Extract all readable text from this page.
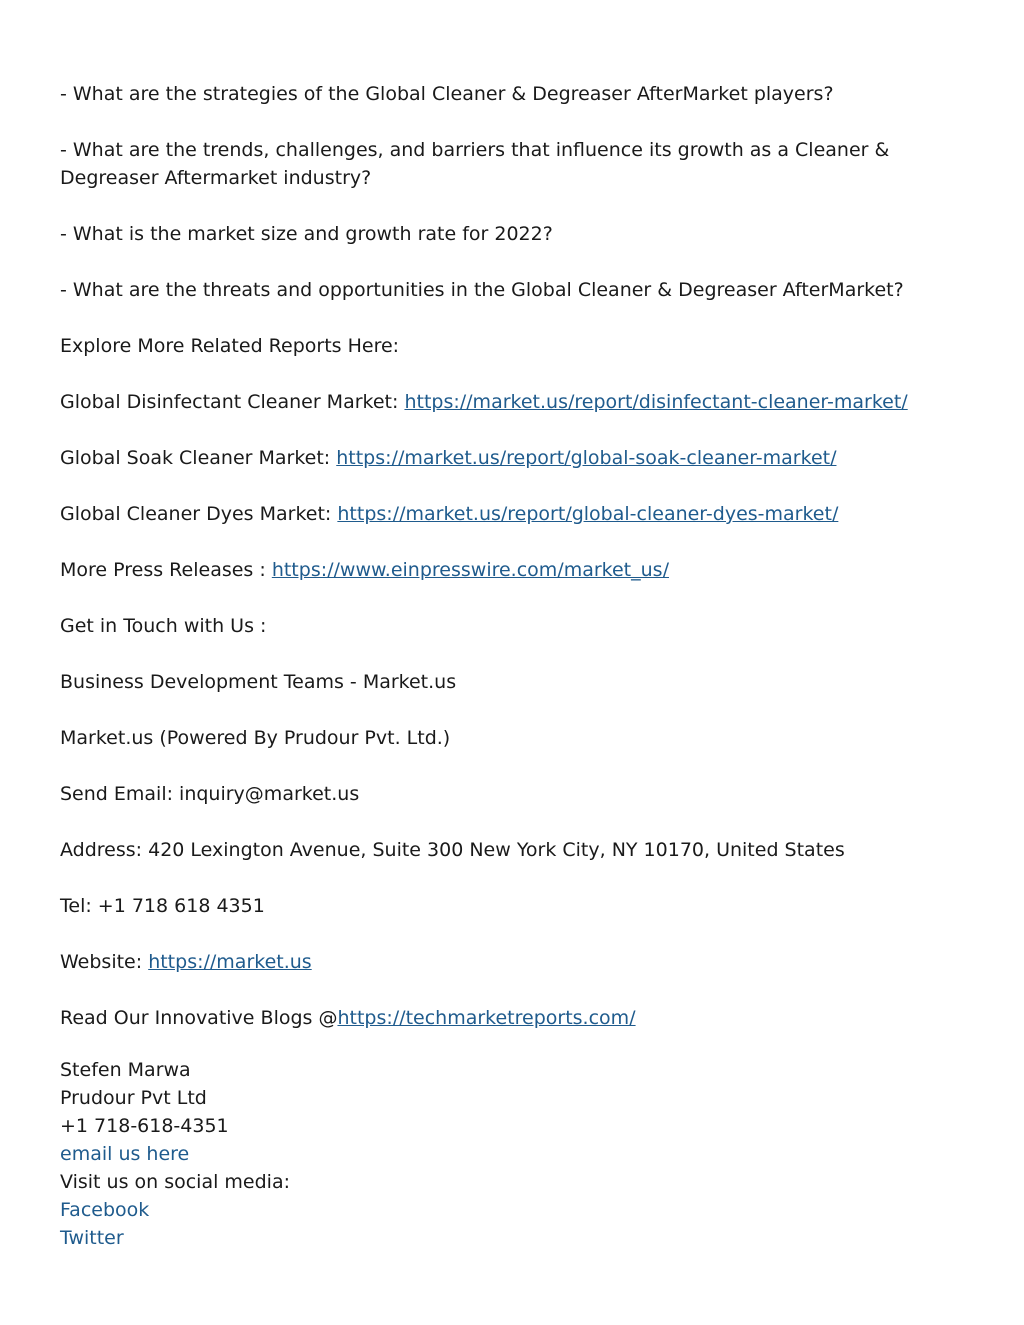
- What are the strategies of the Global Cleaner & Degreaser AfterMarket players?

- What are the trends, challenges, and barriers that influence its growth as a Cleaner & Degreaser Aftermarket industry?

- What is the market size and growth rate for 2022?

- What are the threats and opportunities in the Global Cleaner & Degreaser AfterMarket?

Explore More Related Reports Here:

Global Disinfectant Cleaner Market: https://market.us/report/disinfectant-cleaner-market/

Global Soak Cleaner Market: https://market.us/report/global-soak-cleaner-market/

Global Cleaner Dyes Market: https://market.us/report/global-cleaner-dyes-market/

More Press Releases : https://www.einpresswire.com/market_us/

Get in Touch with Us :

Business Development Teams - Market.us

Market.us (Powered By Prudour Pvt. Ltd.)

Send Email: inquiry@market.us

Address: 420 Lexington Avenue, Suite 300 New York City, NY 10170, United States

Tel: +1 718 618 4351

Website: https://market.us

Read Our Innovative Blogs @https://techmarketreports.com/

Stefen Marwa

Prudour Pvt Ltd

+1 718-618-4351

email us here

Visit us on social media:

Facebook

Twitter
